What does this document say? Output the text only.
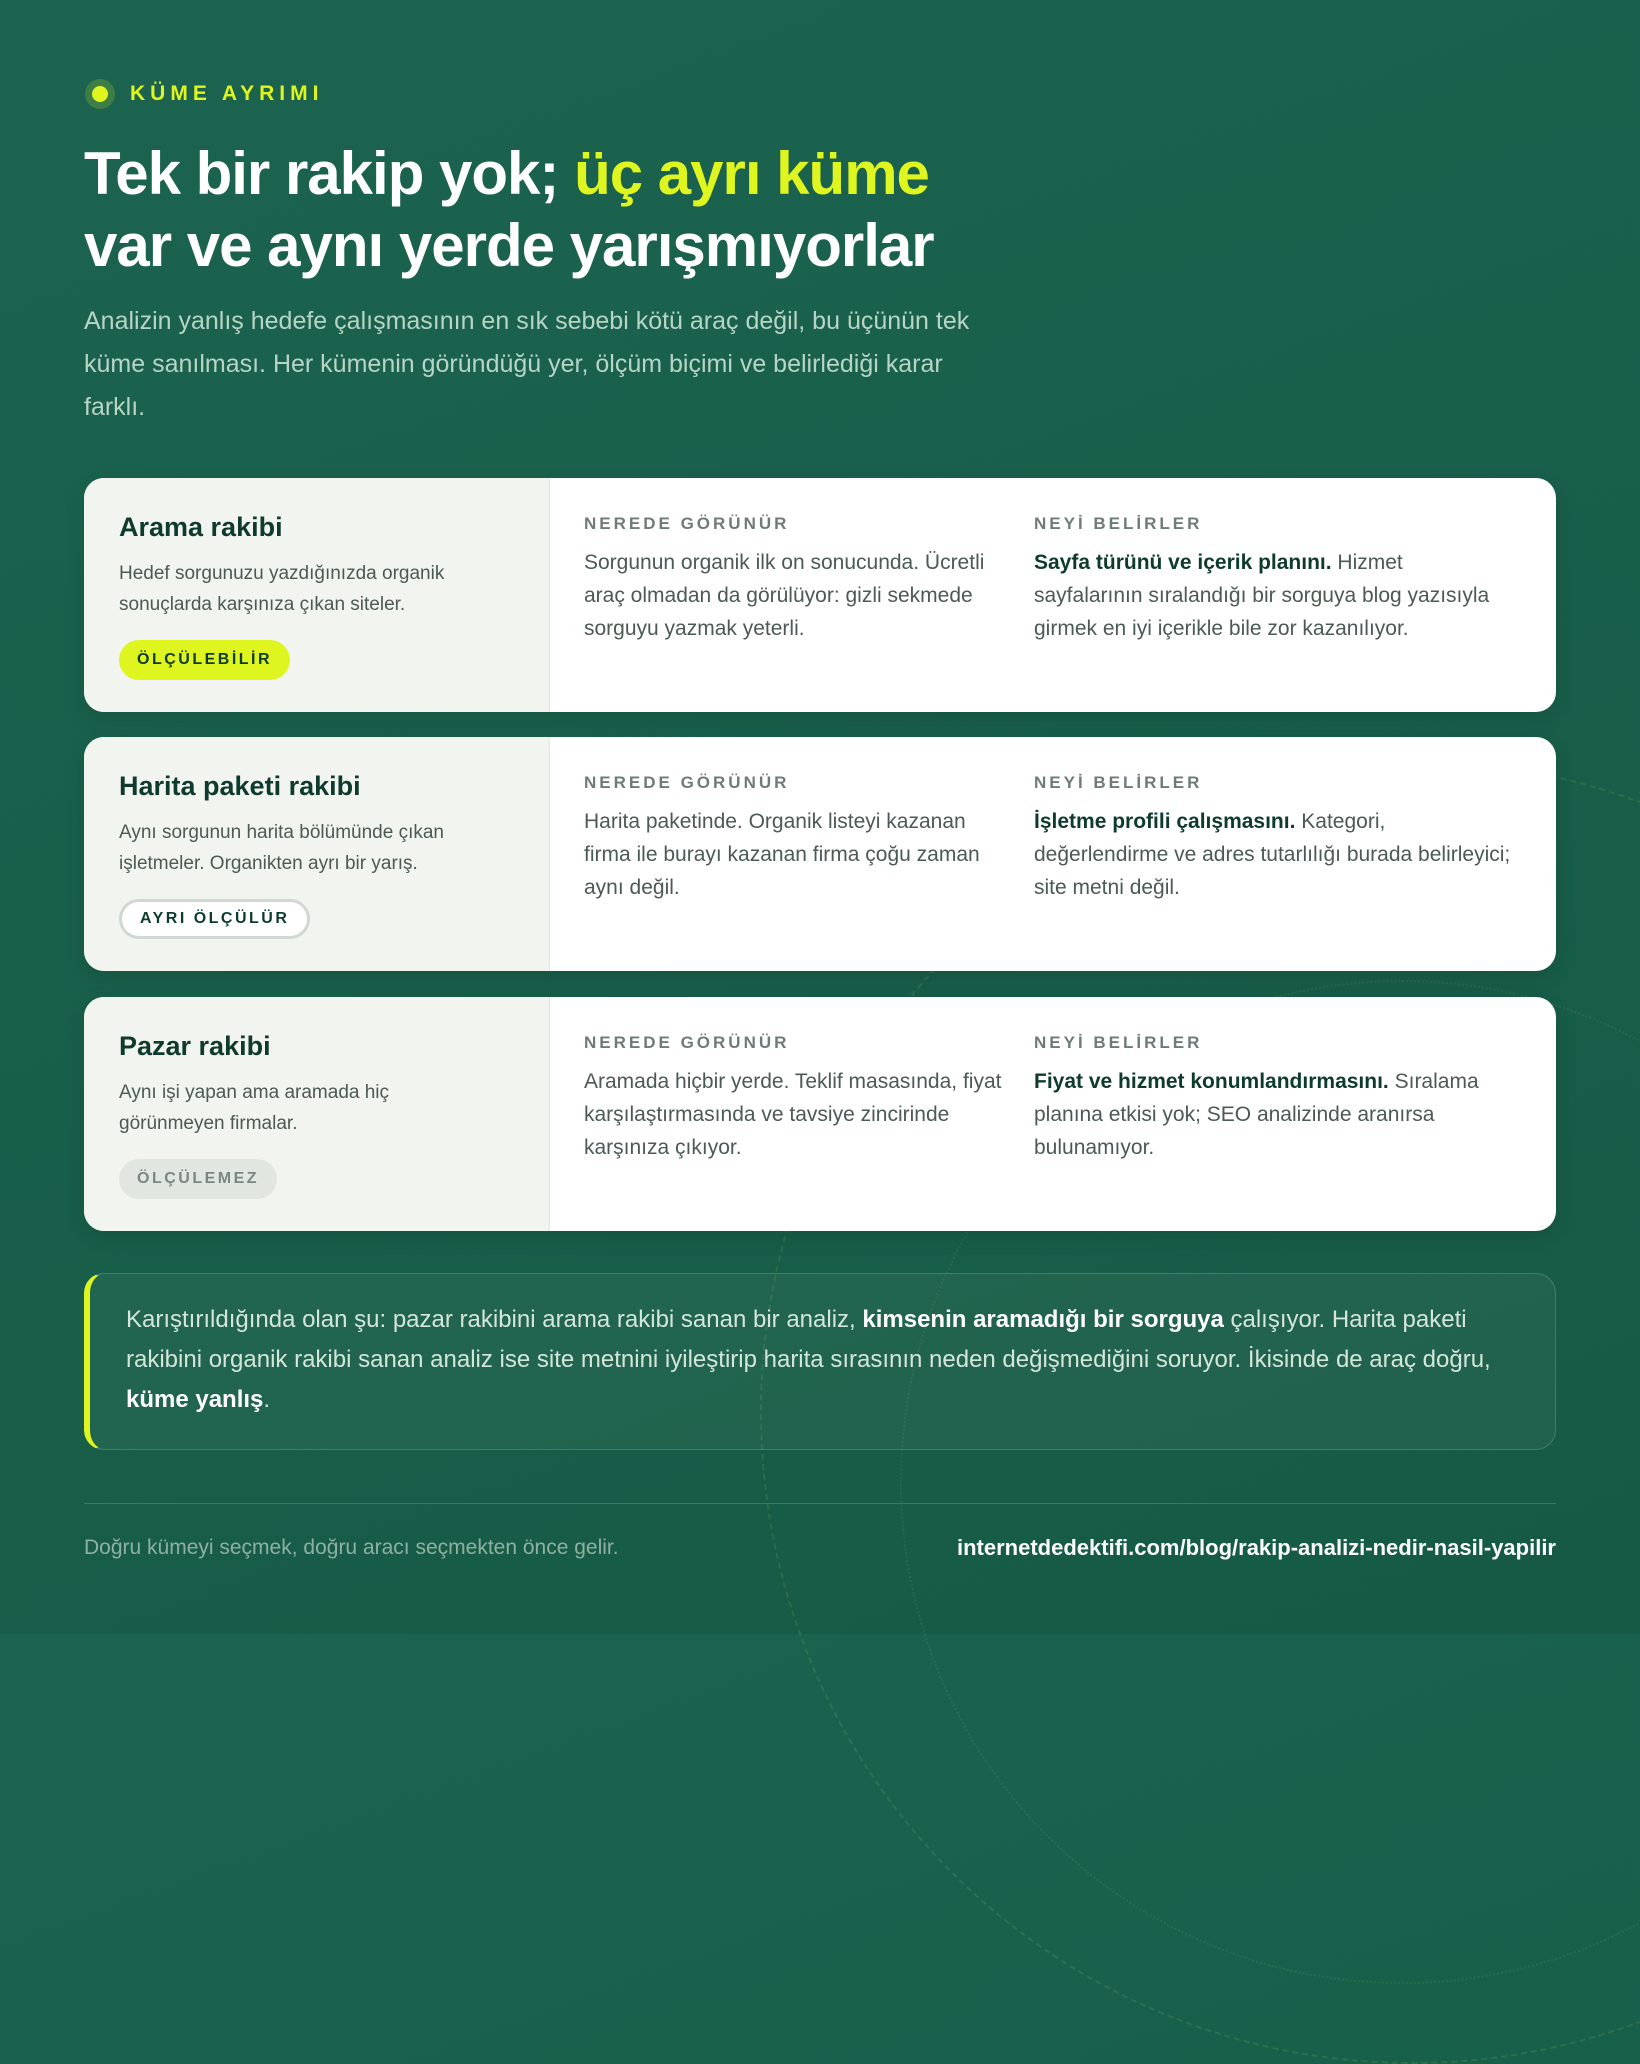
KÜME AYRIMI
Tek bir rakip yok; üç ayrı küme
var ve aynı yerde yarışmıyorlar

Analizin yanlış hedefe çalışmasının en sık sebebi kötü araç değil, bu üçünün tek küme sanılması. Her kümenin göründüğü yer, ölçüm biçimi ve belirlediği karar farklı.

Arama rakibi

Hedef sorgunuzu yazdığınızda organik sonuçlarda karşınıza çıkan siteler.

ÖLÇÜLEBİLİR

NEREDE GÖRÜNÜR

Sorgunun organik ilk on sonucunda. Ücretli araç olmadan da görülüyor: gizli sekmede sorguyu yazmak yeterli.

NEYİ BELİRLER

Sayfa türünü ve içerik planını. Hizmet sayfalarının sıralandığı bir sorguya blog yazısıyla girmek en iyi içerikle bile zor kazanılıyor.

Harita paketi rakibi

Aynı sorgunun harita bölümünde çıkan işletmeler. Organikten ayrı bir yarış.

AYRI ÖLÇÜLÜR

NEREDE GÖRÜNÜR

Harita paketinde. Organik listeyi kazanan firma ile burayı kazanan firma çoğu zaman aynı değil.

NEYİ BELİRLER

İşletme profili çalışmasını. Kategori, değerlendirme ve adres tutarlılığı burada belirleyici; site metni değil.

Pazar rakibi

Aynı işi yapan ama aramada hiç görünmeyen firmalar.

ÖLÇÜLEMEZ

NEREDE GÖRÜNÜR

Aramada hiçbir yerde. Teklif masasında, fiyat karşılaştırmasında ve tavsiye zincirinde karşınıza çıkıyor.

NEYİ BELİRLER

Fiyat ve hizmet konumlandırmasını. Sıralama planına etkisi yok; SEO analizinde aranırsa bulunamıyor.

Karıştırıldığında olan şu: pazar rakibini arama rakibi sanan bir analiz, kimsenin aramadığı bir sorguya çalışıyor. Harita paketi rakibini organik rakibi sanan analiz ise site metnini iyileştirip harita sırasının neden değişmediğini soruyor. İkisinde de araç doğru, küme yanlış.

Doğru kümeyi seçmek, doğru aracı seçmekten önce gelir.	internetdedektifi.com/blog/rakip-analizi-nedir-nasil-yapilir
